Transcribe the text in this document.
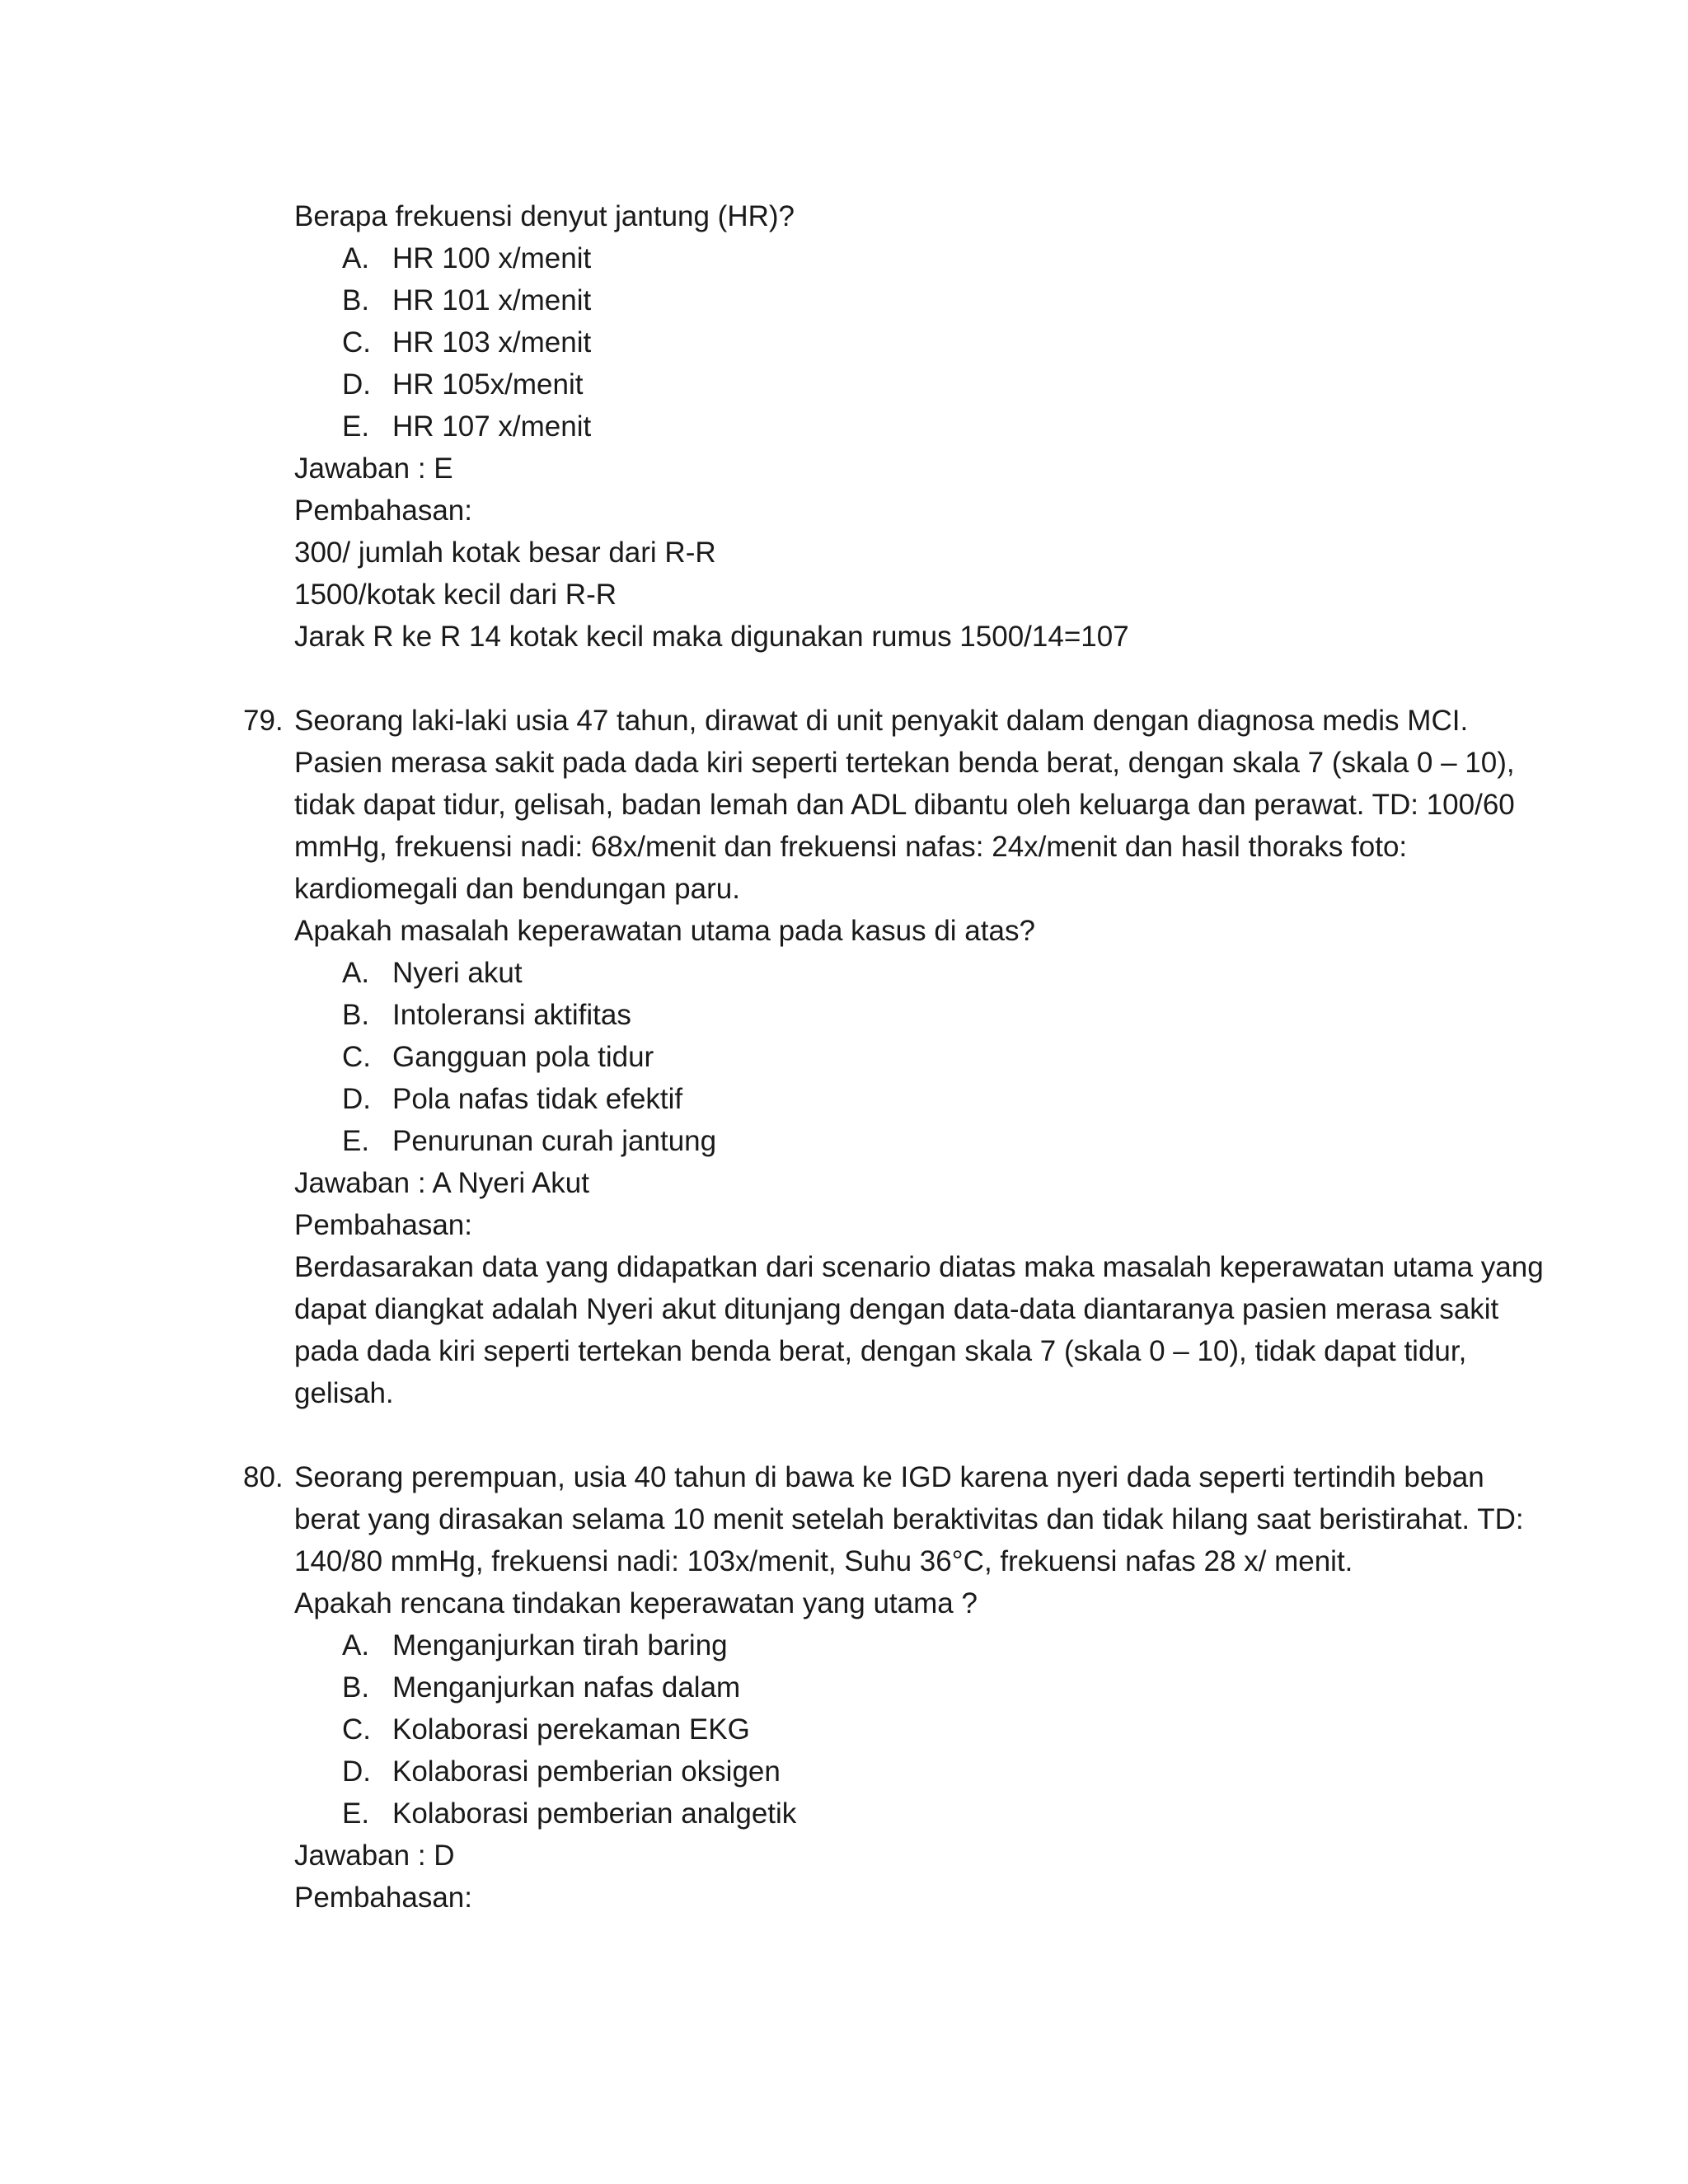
Berapa frekuensi denyut jantung (HR)?
A. HR 100 x/menit
B. HR 101 x/menit
C. HR 103 x/menit
D. HR 105x/menit
E. HR 107 x/menit
Jawaban : E
Pembahasan:
300/ jumlah kotak besar dari R-R
1500/kotak kecil dari R-R
Jarak R ke R 14 kotak kecil maka digunakan rumus 1500/14=107
79. Seorang laki-laki usia 47 tahun, dirawat di unit penyakit dalam dengan diagnosa medis MCI.
Pasien merasa sakit pada dada kiri seperti tertekan benda berat, dengan skala 7 (skala 0 – 10),
tidak dapat tidur, gelisah, badan lemah dan ADL dibantu oleh keluarga dan perawat. TD: 100/60
mmHg, frekuensi nadi: 68x/menit dan frekuensi nafas: 24x/menit dan hasil thoraks foto:
kardiomegali dan bendungan paru.
Apakah masalah keperawatan utama pada kasus di atas?
A. Nyeri akut
B. Intoleransi aktifitas
C. Gangguan pola tidur
D. Pola nafas tidak efektif
E. Penurunan curah jantung
Jawaban : A Nyeri Akut
Pembahasan:
Berdasarakan data yang didapatkan dari scenario diatas maka masalah keperawatan utama yang
dapat diangkat adalah Nyeri akut ditunjang dengan data-data diantaranya pasien merasa sakit
pada dada kiri seperti tertekan benda berat, dengan skala 7 (skala 0 – 10), tidak dapat tidur,
gelisah.
80. Seorang perempuan, usia 40 tahun di bawa ke IGD karena nyeri dada seperti tertindih beban
berat yang dirasakan selama 10 menit setelah beraktivitas dan tidak hilang saat beristirahat. TD:
140/80 mmHg, frekuensi nadi: 103x/menit, Suhu 36°C, frekuensi nafas 28 x/ menit.
Apakah rencana tindakan keperawatan yang utama ?
A. Menganjurkan tirah baring
B. Menganjurkan nafas dalam
C. Kolaborasi perekaman EKG
D. Kolaborasi pemberian oksigen
E. Kolaborasi pemberian analgetik
Jawaban : D
Pembahasan:
